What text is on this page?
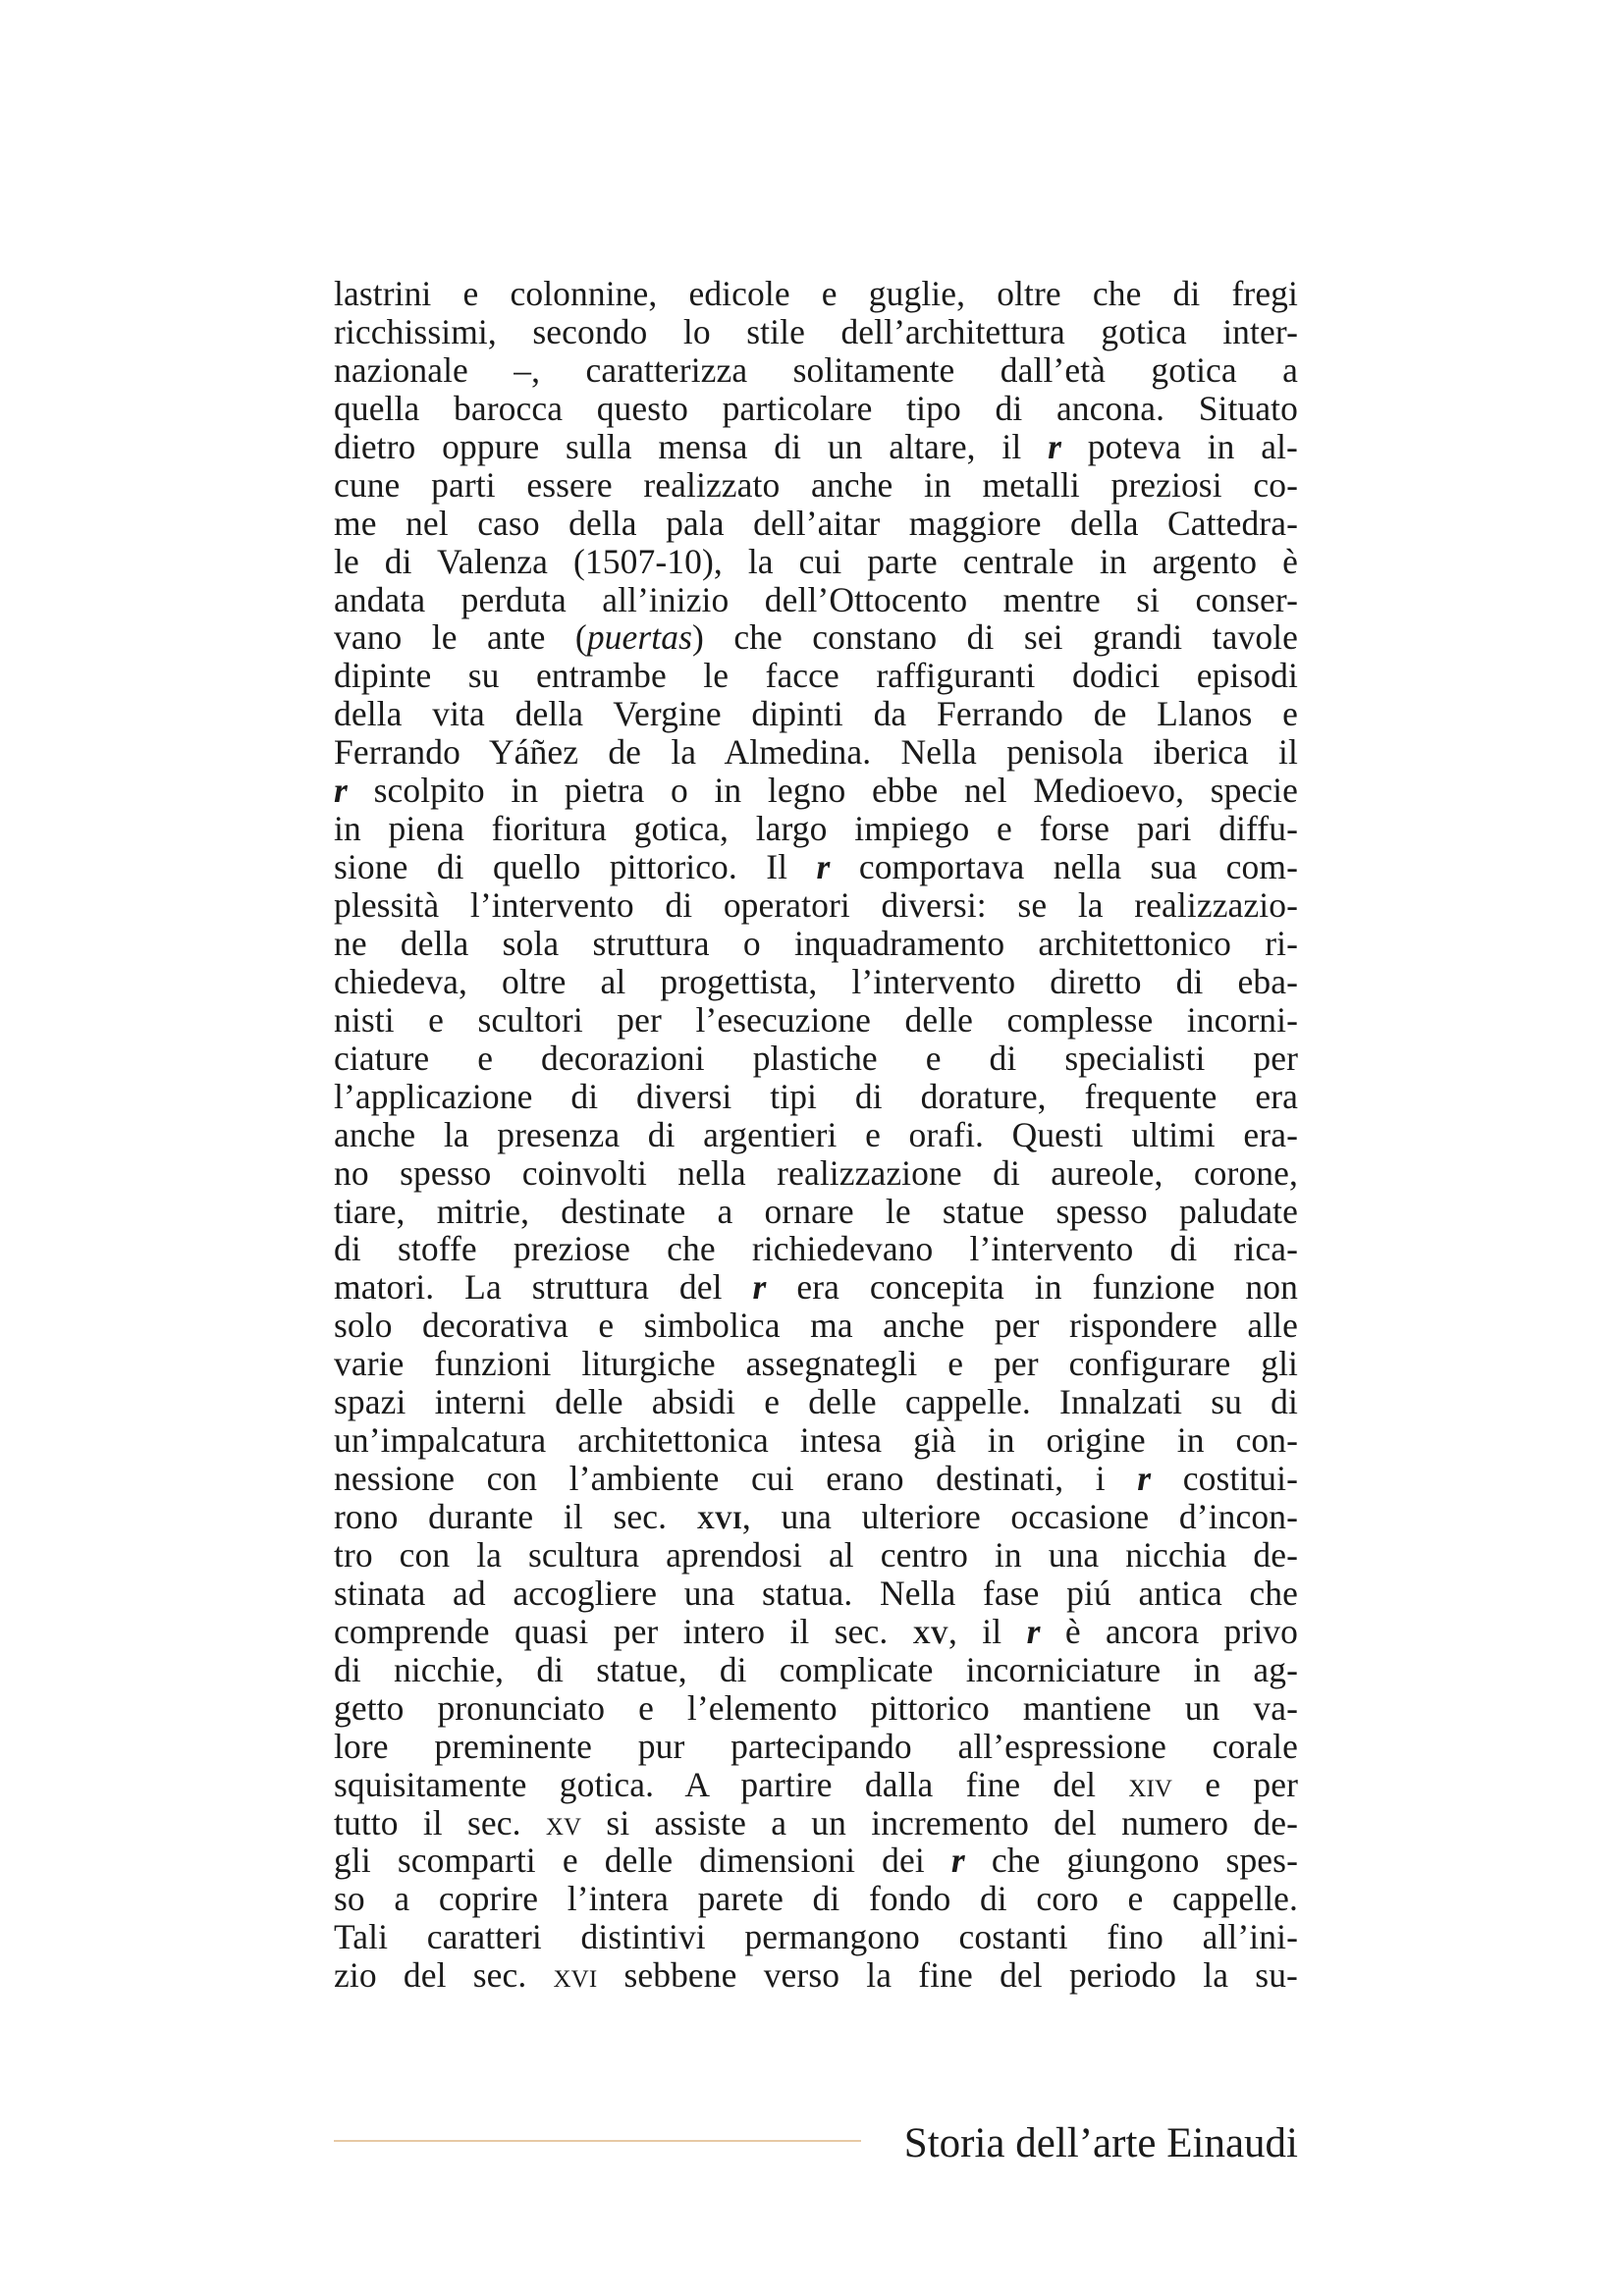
lastrini e colonnine, edicole e guglie, oltre che di fregi
ricchissimi, secondo lo stile dell’architettura gotica inter-
nazionale –, caratterizza solitamente dall’età gotica a
quella barocca questo particolare tipo di ancona. Situato
dietro oppure sulla mensa di un altare, il r poteva in al-
cune parti essere realizzato anche in metalli preziosi co-
me nel caso della pala dell’aitar maggiore della Cattedra-
le di Valenza (1507-10), la cui parte centrale in argento è
andata perduta all’inizio dell’Ottocento mentre si conser-
vano le ante (puertas) che constano di sei grandi tavole
dipinte su entrambe le facce raffiguranti dodici episodi
della vita della Vergine dipinti da Ferrando de Llanos e
Ferrando Yáñez de la Almedina. Nella penisola iberica il
r scolpito in pietra o in legno ebbe nel Medioevo, specie
in piena fioritura gotica, largo impiego e forse pari diffu-
sione di quello pittorico. Il r comportava nella sua com-
plessità l’intervento di operatori diversi: se la realizzazio-
ne della sola struttura o inquadramento architettonico ri-
chiedeva, oltre al progettista, l’intervento diretto di eba-
nisti e scultori per l’esecuzione delle complesse incorni-
ciature e decorazioni plastiche e di specialisti per
l’applicazione di diversi tipi di dorature, frequente era
anche la presenza di argentieri e orafi. Questi ultimi era-
no spesso coinvolti nella realizzazione di aureole, corone,
tiare, mitrie, destinate a ornare le statue spesso paludate
di stoffe preziose che richiedevano l’intervento di rica-
matori. La struttura del r era concepita in funzione non
solo decorativa e simbolica ma anche per rispondere alle
varie funzioni liturgiche assegnategli e per configurare gli
spazi interni delle absidi e delle cappelle. Innalzati su di
un’impalcatura architettonica intesa già in origine in con-
nessione con l’ambiente cui erano destinati, i r costitui-
rono durante il sec. xvi, una ulteriore occasione d’incon-
tro con la scultura aprendosi al centro in una nicchia de-
stinata ad accogliere una statua. Nella fase piú antica che
comprende quasi per intero il sec. xv, il r è ancora privo
di nicchie, di statue, di complicate incorniciature in ag-
getto pronunciato e l’elemento pittorico mantiene un va-
lore preminente pur partecipando all’espressione corale
squisitamente gotica. A partire dalla fine del xiv e per
tutto il sec. xv si assiste a un incremento del numero de-
gli scomparti e delle dimensioni dei r che giungono spes-
so a coprire l’intera parete di fondo di coro e cappelle.
Tali caratteri distintivi permangono costanti fino all’ini-
zio del sec. xvi sebbene verso la fine del periodo la su-
Storia dell’arte Einaudi
